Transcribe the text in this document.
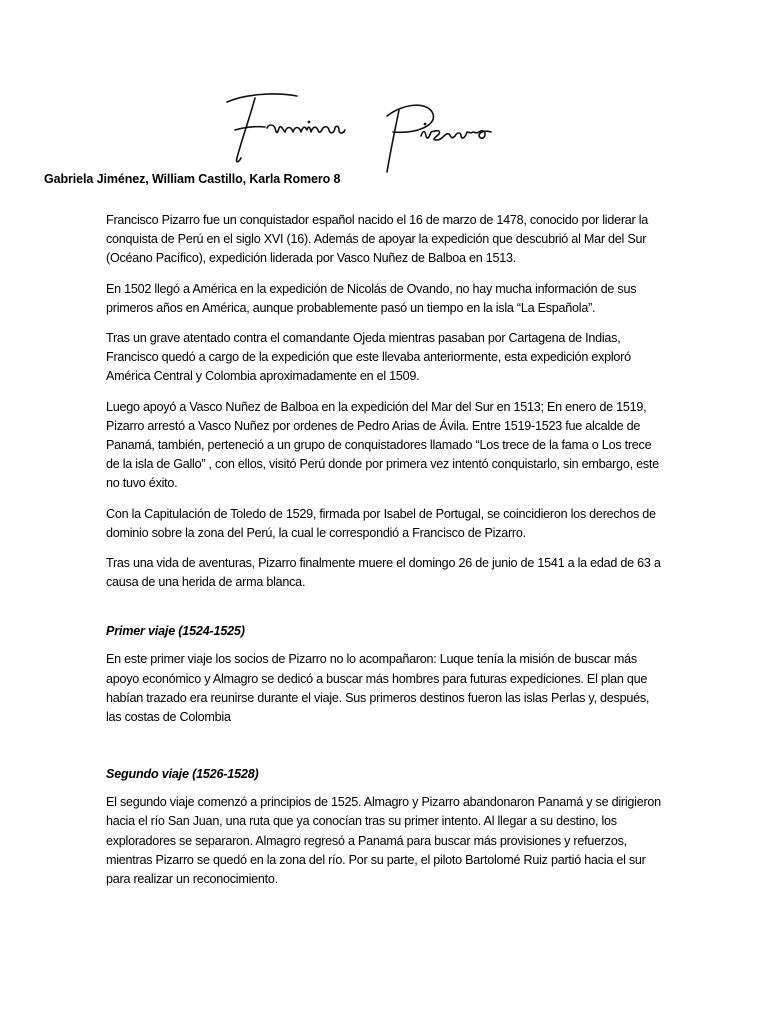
Gabriela Jiménez, William Castillo, Karla Romero 8

Francisco Pizarro fue un conquistador español nacido el 16 de marzo de 1478, conocido por liderar la conquista de Perú en el siglo XVI (16). Además de apoyar la expedición que descubrió al Mar del Sur (Océano Pacífico), expedición liderada por Vasco Nuñez de Balboa en 1513.

En 1502 llegó a América en la expedición de Nicolás de Ovando, no hay mucha información de sus primeros años en América, aunque probablemente pasó un tiempo en la isla “La Española”.

Tras un grave atentado contra el comandante Ojeda mientras pasaban por Cartagena de Indias, Francisco quedó a cargo de la expedición que este llevaba anteriormente, esta expedición exploró América Central y Colombia aproximadamente en el 1509.

Luego apoyó a Vasco Nuñez de Balboa en la expedición del Mar del Sur en 1513; En enero de 1519, Pizarro arrestó a Vasco Nuñez por ordenes de Pedro Arias de Ávila. Entre 1519-1523 fue alcalde de Panamá, también, perteneció a un grupo de conquistadores llamado “Los trece de la fama o Los trece de la isla de Gallo” , con ellos, visitó Perú donde por primera vez intentó conquistarlo, sin embargo, este no tuvo éxito.

Con la Capitulación de Toledo de 1529, firmada por Isabel de Portugal, se coincidieron los derechos de dominio sobre la zona del Perú, la cual le correspondió a Francisco de Pizarro.

Tras una vida de aventuras, Pizarro finalmente muere el domingo 26 de junio de 1541 a la edad de 63 a causa de una herida de arma blanca.

Primer viaje (1524-1525)

En este primer viaje los socios de Pizarro no lo acompañaron: Luque tenía la misión de buscar más apoyo económico y Almagro se dedicó a buscar más hombres para futuras expediciones. El plan que habían trazado era reunirse durante el viaje. Sus primeros destinos fueron las islas Perlas y, después, las costas de Colombia

Segundo viaje (1526-1528)

El segundo viaje comenzó a principios de 1525. Almagro y Pizarro abandonaron Panamá y se dirigieron hacia el río San Juan, una ruta que ya conocían tras su primer intento. Al llegar a su destino, los exploradores se separaron. Almagro regresó a Panamá para buscar más provisiones y refuerzos, mientras Pizarro se quedó en la zona del río. Por su parte, el piloto Bartolomé Ruiz partió hacia el sur para realizar un reconocimiento.
